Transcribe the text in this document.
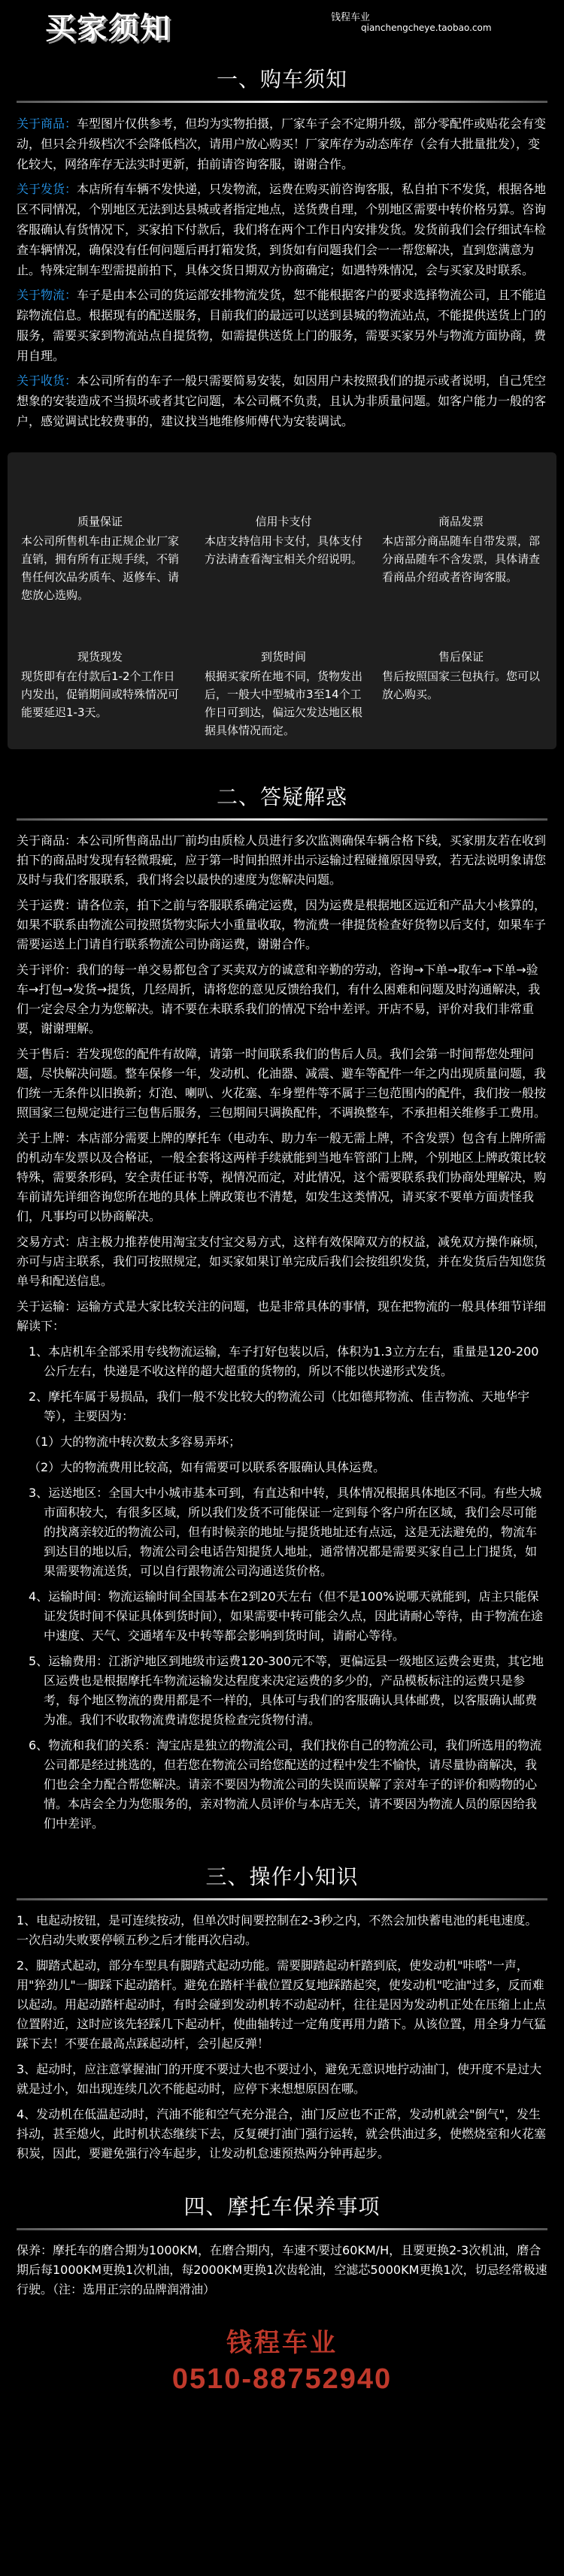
买家须知	钱程车业
qianchengcheye.taobao.com
一、购车须知

关于商品：车型图片仅供参考，但均为实物拍摄，厂家车子会不定期升级，部分零配件或贴花会有变动，但只会升级档次不会降低档次，请用户放心购买！厂家库存为动态库存（会有大批量批发），变化较大，网络库存无法实时更新，拍前请咨询客服，谢谢合作。

关于发货：本店所有车辆不发快递，只发物流，运费在购买前咨询客服，私自拍下不发货，根据各地区不同情况，个别地区无法到达县城或者指定地点，送货费自理，个别地区需要中转价格另算。咨询客服确认有货情况下，买家拍下付款后，我们将在两个工作日内安排发货。发货前我们会仔细试车检查车辆情况，确保没有任何问题后再打箱发货，到货如有问题我们会一一帮您解决，直到您满意为止。特殊定制车型需提前拍下，具体交货日期双方协商确定；如遇特殊情况，会与买家及时联系。

关于物流：车子是由本公司的货运部安排物流发货，恕不能根据客户的要求选择物流公司，且不能追踪物流信息。根据现有的配送服务，目前我们的最远可以送到县城的物流站点，不能提供送货上门的服务，需要买家到物流站点自提货物，如需提供送货上门的服务，需要买家另外与物流方面协商，费用自理。

关于收货：本公司所有的车子一般只需要简易安装，如因用户未按照我们的提示或者说明，自己凭空想象的安装造成不当损坏或者其它问题，本公司概不负责，且认为非质量问题。如客户能力一般的客户，感觉调试比较费事的，建议找当地维修师傅代为安装调试。

质量保证
本公司所售机车由正规企业厂家直销，拥有所有正规手续，不销售任何次品劣质车、返修车、请您放心选购。
信用卡支付
本店支持信用卡支付，具体支付方法请查看淘宝相关介绍说明。
商品发票
本店部分商品随车自带发票，部分商品随车不含发票，具体请查看商品介绍或者咨询客服。
现货现发
现货即有在付款后1-2个工作日内发出，促销期间或特殊情况可能要延迟1-3天。
到货时间
根据买家所在地不同，货物发出后，一般大中型城市3至14个工作日可到达，偏远欠发达地区根据具体情况而定。
售后保证
售后按照国家三包执行。您可以放心购买。
二、答疑解惑

关于商品：本公司所售商品出厂前均由质检人员进行多次监测确保车辆合格下线，买家朋友若在收到拍下的商品时发现有轻微瑕疵，应于第一时间拍照并出示运输过程碰撞原因导致，若无法说明象请您及时与我们客服联系，我们将会以最快的速度为您解决问题。

关于运费：请各位亲，拍下之前与客服联系确定运费，因为运费是根据地区远近和产品大小核算的，如果不联系由物流公司按照货物实际大小重量收取，物流费一律提货检查好货物以后支付，如果车子需要运送上门请自行联系物流公司协商运费，谢谢合作。

关于评价：我们的每一单交易都包含了买卖双方的诚意和辛勤的劳动，咨询→下单→取车→下单→验车→打包→发货→提货，几经周折，请将您的意见反馈给我们，有什么困难和问题及时沟通解决，我们一定会尽全力为您解决。请不要在未联系我们的情况下给中差评。开店不易，评价对我们非常重要，谢谢理解。

关于售后：若发现您的配件有故障，请第一时间联系我们的售后人员。我们会第一时间帮您处理问题，尽快解决问题。整车保修一年，发动机、化油器、减震、避车等配件一年之内出现质量问题，我们统一无条件以旧换新；灯泡、喇叭、火花塞、车身塑件等不属于三包范围内的配件，我们按一般按照国家三包规定进行三包售后服务，三包期间只调换配件，不调换整车，不承担相关维修手工费用。

关于上牌：本店部分需要上牌的摩托车（电动车、助力车一般无需上牌，不含发票）包含有上牌所需的机动车发票以及合格证，一般全套将这两样手续就能到当地车管部门上牌，个别地区上牌政策比较特殊，需要条形码，安全责任证书等，视情况而定，对此情况，这个需要联系我们协商处理解决，购车前请先详细咨询您所在地的具体上牌政策也不清楚，如发生这类情况，请买家不要单方面责怪我们，凡事均可以协商解决。

交易方式：店主极力推荐使用淘宝支付宝交易方式，这样有效保障双方的权益，减免双方操作麻烦，亦可与店主联系，我们可按照规定，如买家如果订单完成后我们会按组织发货，并在发货后告知您货单号和配送信息。

关于运输：运输方式是大家比较关注的问题，也是非常具体的事情，现在把物流的一般具体细节详细解读下：

1、本店机车全部采用专线物流运输，车子打好包装以后，体积为1.3立方左右，重量是120-200公斤左右，快递是不收这样的超大超重的货物的，所以不能以快递形式发货。

2、摩托车属于易损品，我们一般不发比较大的物流公司（比如德邦物流、佳吉物流、天地华宇等），主要因为：

（1）大的物流中转次数太多容易弄坏；

（2）大的物流费用比较高，如有需要可以联系客服确认具体运费。

3、运送地区：全国大中小城市基本可到，有直达和中转，具体情况根据具体地区不同。有些大城市面积较大，有很多区域，所以我们发货不可能保证一定到每个客户所在区域，我们会尽可能的找离亲较近的物流公司，但有时候亲的地址与提货地址还有点远，这是无法避免的，物流车到达目的地以后，物流公司会电话告知提货人地址，通常情况都是需要买家自己上门提货，如果需要物流送货，可以自行跟物流公司沟通送货价格。

4、运输时间：物流运输时间全国基本在2到20天左右（但不是100%说哪天就能到，店主只能保证发货时间不保证具体到货时间），如果需要中转可能会久点，因此请耐心等待，由于物流在途中速度、天气、交通堵车及中转等都会影响到货时间，请耐心等待。

5、运输费用：江浙沪地区到地级市运费120-300元不等，更偏远县一级地区运费会更贵，其它地区运费也是根据摩托车物流运输发达程度来决定运费的多少的，产品模板标注的运费只是参考，每个地区物流的费用都是不一样的，具体可与我们的客服确认具体邮费，以客服确认邮费为准。我们不收取物流费请您提货检查完货物付清。

6、物流和我们的关系：淘宝店是独立的物流公司，我们找你自己的物流公司，我们所选用的物流公司都是经过挑选的，但若您在物流公司给您配送的过程中发生不愉快，请尽量协商解决，我们也会全力配合帮您解决。请亲不要因为物流公司的失误而误解了亲对车子的评价和购物的心情。本店会全力为您服务的，亲对物流人员评价与本店无关，请不要因为物流人员的原因给我们中差评。

三、操作小知识

1、电起动按钮，是可连续按动，但单次时间要控制在2-3秒之内，不然会加快蓄电池的耗电速度。一次启动失败要停顿五秒之后才能再次启动。

2、脚踏式起动，部分车型具有脚踏式起动功能。需要脚踏起动杆踏到底，使发动机"咔嗒"一声，用"猝劲儿"一脚踩下起动踏杆。避免在踏杆半截位置反复地踩踏起突，使发动机"吃油"过多，反而难以起动。用起动踏杆起动时，有时会碰到发动机转不动起动杆，往往是因为发动机正处在压缩上止点位置附近，这时应该先轻踩几下起动杆，使曲轴转过一定角度再用力踏下。从该位置，用全身力气猛踩下去！不要在最高点踩起动杆，会引起反弹！

3、起动时，应注意掌握油门的开度不要过大也不要过小，避免无意识地拧动油门，使开度不是过大就是过小，如出现连续几次不能起动时，应停下来想想原因在哪。

4、发动机在低温起动时，汽油不能和空气充分混合，油门反应也不正常，发动机就会"倒气"，发生抖动，甚至熄火，此时机状态继续下去，反复硬打油门强行运转，就会供油过多，使燃烧室和火花塞积炭，因此，要避免强行冷车起步，让发动机怠速预热两分钟再起步。

四、摩托车保养事项

保养：摩托车的磨合期为1000KM，在磨合期内，车速不要过60KM/H，且要更换2-3次机油，磨合期后每1000KM更换1次机油，每2000KM更换1次齿轮油，空滤芯5000KM更换1次，切忌经常极速行驶。（注：选用正宗的品牌润滑油）

钱程车业
0510-88752940
